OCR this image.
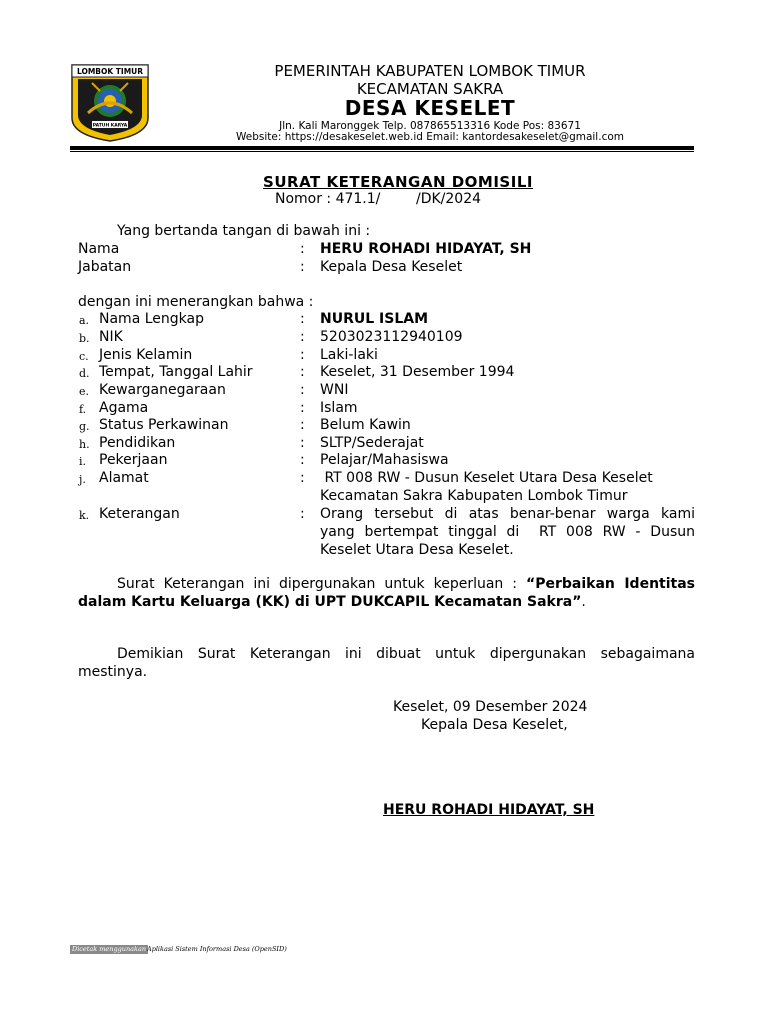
LOMBOK TIMUR
PATUH KARYA
PEMERINTAH KABUPATEN LOMBOK TIMUR
KECAMATAN SAKRA
DESA KESELET
Jln. Kali Maronggek Telp. 087865513316 Kode Pos: 83671
Website: https://desakeselet.web.id Email: kantordesakeselet@gmail.com
SURAT KETERANGAN DOMISILI
Nomor : 471.1/        /DK/2024
Yang bertanda tangan di bawah ini :
Nama	: HERU ROHADI HIDAYAT, SH
Jabatan	: Kepala Desa Keselet
dengan ini menerangkan bahwa :
a. Nama Lengkap	: NURUL ISLAM
b. NIK	: 5203023112940109
c. Jenis Kelamin	: Laki-laki
d. Tempat, Tanggal Lahir	: Keselet, 31 Desember 1994
e. Kewarganegaraan	: WNI
f. Agama	: Islam
g. Status Perkawinan	: Belum Kawin
h. Pendidikan	: SLTP/Sederajat
i. Pekerjaan	: Pelajar/Mahasiswa
j. Alamat	: RT 008 RW - Dusun Keselet Utara Desa Keselet
Kecamatan Sakra Kabupaten Lombok Timur
k. Keterangan	: Orang tersebut di atas benar-benar warga kami
yang bertempat tinggal di  RT 008 RW - Dusun
Keselet Utara Desa Keselet.
Surat Keterangan ini dipergunakan untuk keperluan : “Perbaikan Identitas dalam Kartu Keluarga (KK) di UPT DUKCAPIL Kecamatan Sakra”.
Demikian Surat Keterangan ini dibuat untuk dipergunakan sebagaimana mestinya.
Keselet, 09 Desember 2024
Kepala Desa Keselet,
HERU ROHADI HIDAYAT, SH
Dicetak menggunakan Aplikasi Sistem Informasi Desa (OpenSID)
